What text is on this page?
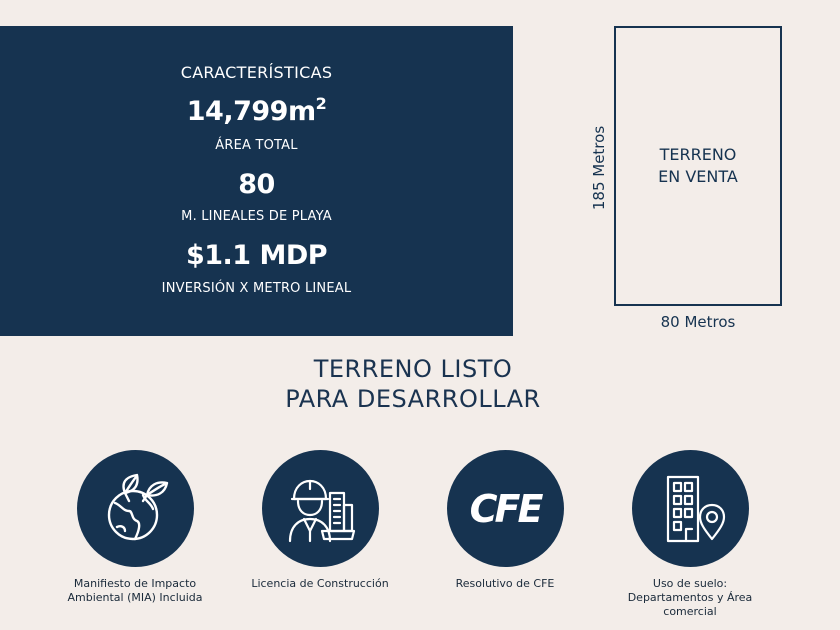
CARACTERÍSTICAS
$14,799m^2$
ÁREA TOTAL
80
M. LINEALES DE PLAYA
$1.1 MDP
INVERSIÓN X METRO LINEAL
TERRENO
EN VENTA
185 Metros
80 Metros
TERRENO LISTO
PARA DESARROLLAR
Manifiesto de Impacto
Ambiental (MIA) Incluida
Licencia de Construcción
CFE
Resolutivo de CFE	Uso de suelo:
Departamentos y Área
comercial
